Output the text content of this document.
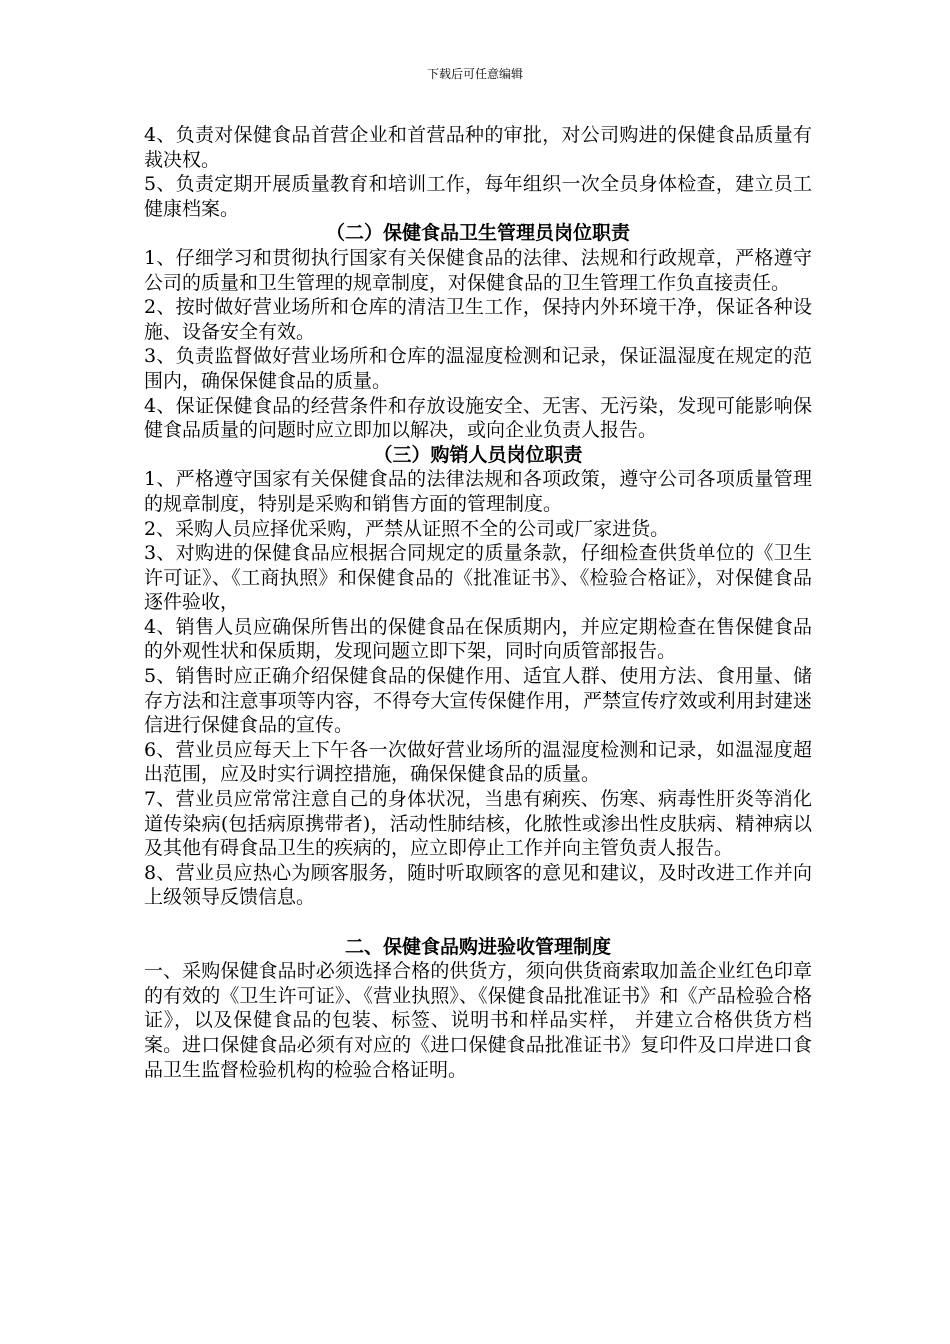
下载后可任意编辑

4、负责对保健食品首营企业和首营品种的审批，对公司购进的保健食品质量有裁决权。

5、负责定期开展质量教育和培训工作，每年组织一次全员身体检查，建立员工健康档案。

（二）保健食品卫生管理员岗位职责

1、仔细学习和贯彻执行国家有关保健食品的法律、法规和行政规章，严格遵守公司的质量和卫生管理的规章制度，对保健食品的卫生管理工作负直接责任。

2、按时做好营业场所和仓库的清洁卫生工作，保持内外环境干净，保证各种设施、设备安全有效。

3、负责监督做好营业场所和仓库的温湿度检测和记录，保证温湿度在规定的范围内，确保保健食品的质量。

4、保证保健食品的经营条件和存放设施安全、无害、无污染，发现可能影响保健食品质量的问题时应立即加以解决，或向企业负责人报告。

（三）购销人员岗位职责

1、严格遵守国家有关保健食品的法律法规和各项政策，遵守公司各项质量管理的规章制度，特别是采购和销售方面的管理制度。

2、采购人员应择优采购，严禁从证照不全的公司或厂家进货。

3、对购进的保健食品应根据合同规定的质量条款，仔细检查供货单位的《卫生许可证》、《工商执照》和保健食品的《批准证书》、《检验合格证》，对保健食品逐件验收，

4、销售人员应确保所售出的保健食品在保质期内，并应定期检查在售保健食品的外观性状和保质期，发现问题立即下架，同时向质管部报告。

5、销售时应正确介绍保健食品的保健作用、适宜人群、使用方法、食用量、储存方法和注意事项等内容，不得夸大宣传保健作用，严禁宣传疗效或利用封建迷信进行保健食品的宣传。

6、营业员应每天上下午各一次做好营业场所的温湿度检测和记录，如温湿度超出范围，应及时实行调控措施，确保保健食品的质量。

7、营业员应常常注意自己的身体状况，当患有痢疾、伤寒、病毒性肝炎等消化道传染病(包括病原携带者)，活动性肺结核，化脓性或渗出性皮肤病、精神病以及其他有碍食品卫生的疾病的，应立即停止工作并向主管负责人报告。

8、营业员应热心为顾客服务，随时听取顾客的意见和建议，及时改进工作并向上级领导反馈信息。

二、保健食品购进验收管理制度

一、采购保健食品时必须选择合格的供货方，须向供货商索取加盖企业红色印章的有效的《卫生许可证》、《营业执照》、《保健食品批准证书》和《产品检验合格证》，以及保健食品的包装、标签、说明书和样品实样， 并建立合格供货方档案。进口保健食品必须有对应的《进口保健食品批准证书》复印件及口岸进口食品卫生监督检验机构的检验合格证明。
